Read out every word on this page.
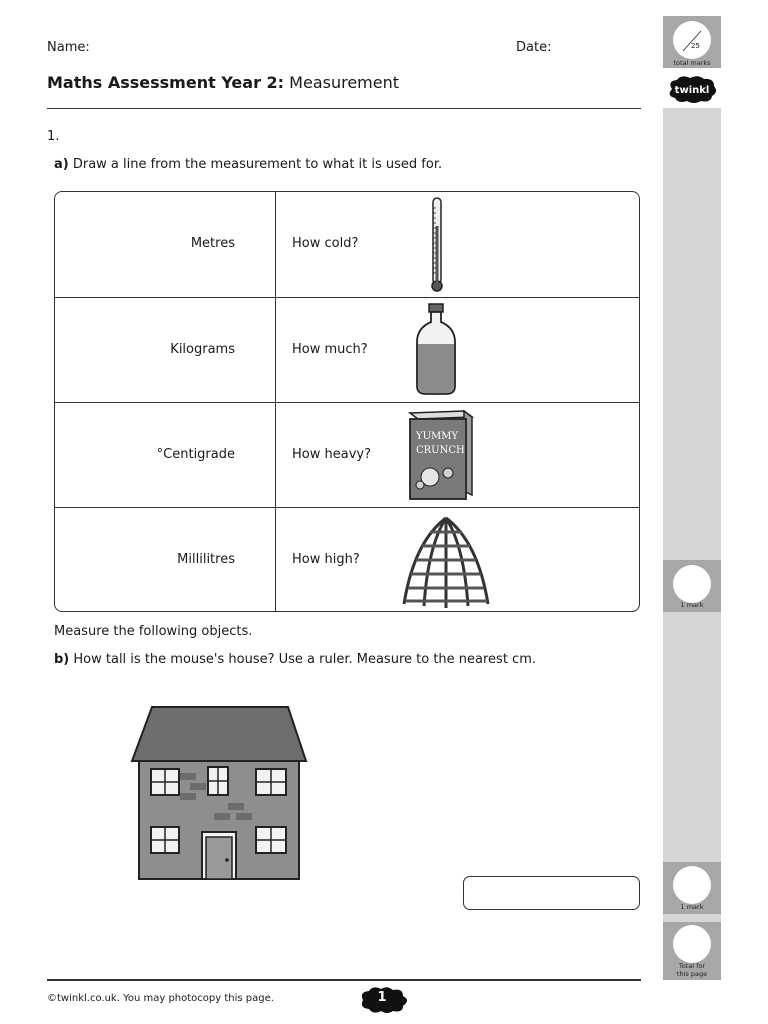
Name:	Date:
Maths Assessment Year 2: Measurement
1.
a) Draw a line from the measurement to what it is used for.
Metres	How cold?
Kilograms	How much?
°Centigrade	How heavy?
YUMMY
CRUNCH
Millilitres	How high?
Measure the following objects.
b) How tall is the mouse's house? Use a ruler. Measure to the nearest cm.
©twinkl.co.uk. You may photocopy this page.	1
25
total marks
twinkl
1 mark
1 mark
Total for
this page
